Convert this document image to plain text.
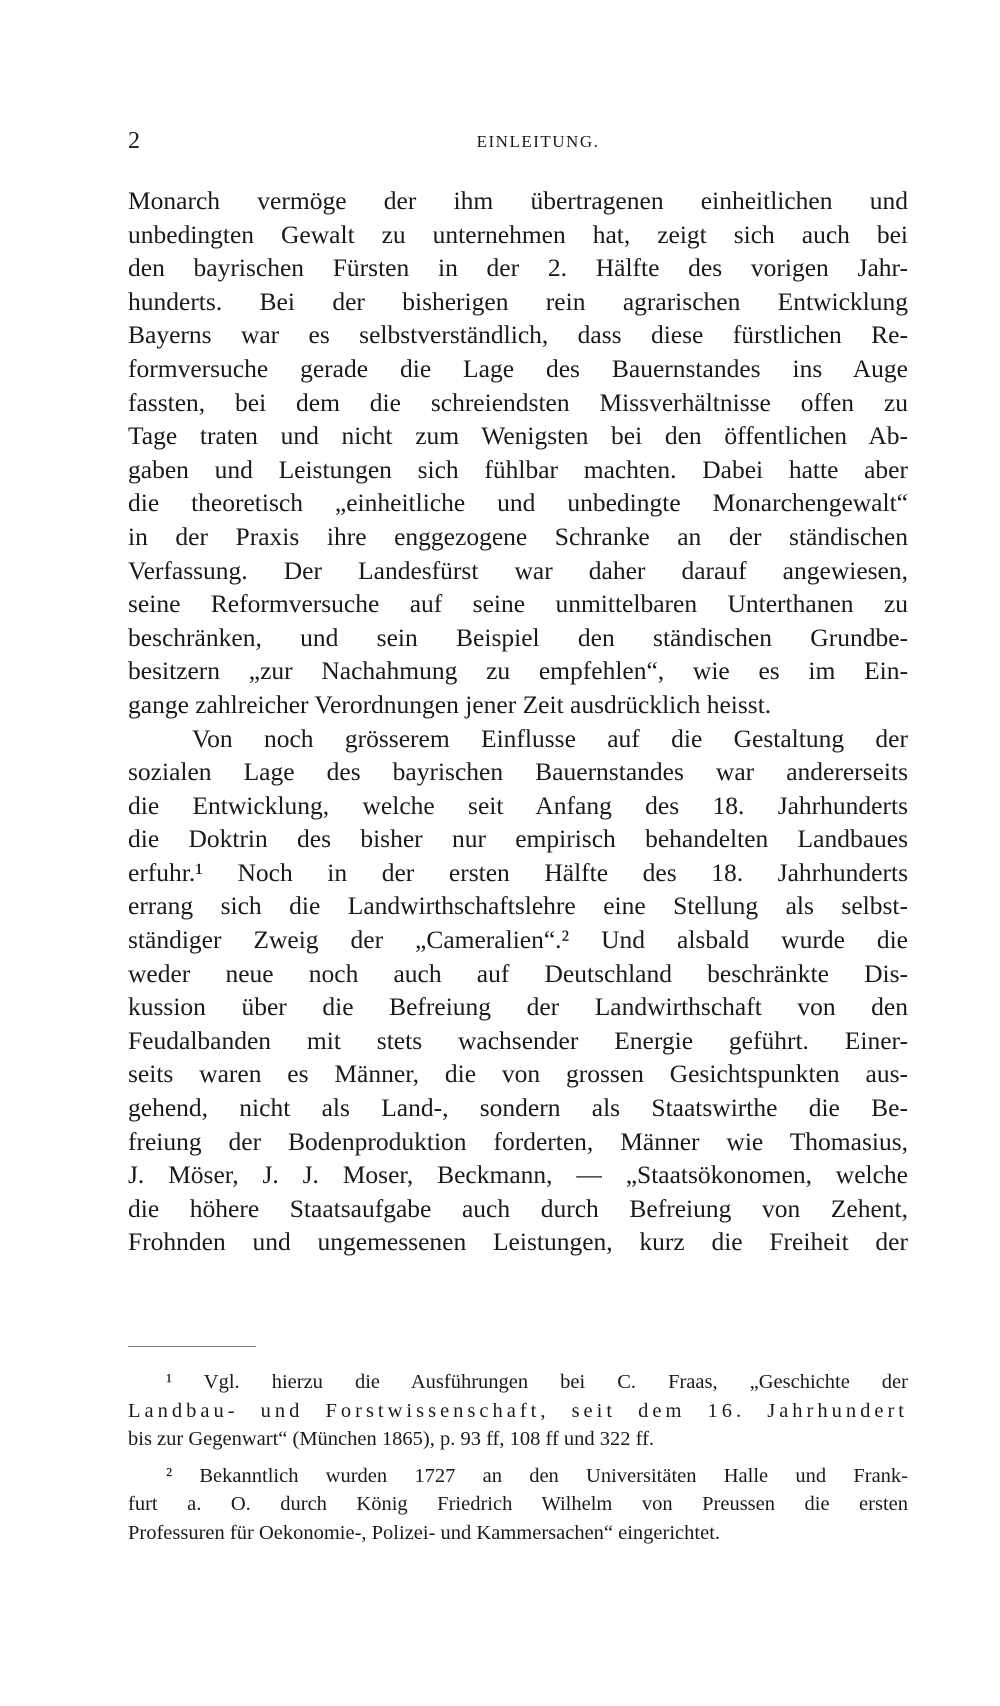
2	EINLEITUNG.
Monarch vermöge der ihm übertragenen einheitlichen und
unbedingten Gewalt zu unternehmen hat, zeigt sich auch bei
den bayrischen Fürsten in der 2. Hälfte des vorigen Jahr-
hunderts. Bei der bisherigen rein agrarischen Entwicklung
Bayerns war es selbstverständlich, dass diese fürstlichen Re-
formversuche gerade die Lage des Bauernstandes ins Auge
fassten, bei dem die schreiendsten Missverhältnisse offen zu
Tage traten und nicht zum Wenigsten bei den öffentlichen Ab-
gaben und Leistungen sich fühlbar machten. Dabei hatte aber
die theoretisch „einheitliche und unbedingte Monarchengewalt“
in der Praxis ihre enggezogene Schranke an der ständischen
Verfassung. Der Landesfürst war daher darauf angewiesen,
seine Reformversuche auf seine unmittelbaren Unterthanen zu
beschränken, und sein Beispiel den ständischen Grundbe-
besitzern „zur Nachahmung zu empfehlen“, wie es im Ein-
gange zahlreicher Verordnungen jener Zeit ausdrücklich heisst.
Von noch grösserem Einflusse auf die Gestaltung der
sozialen Lage des bayrischen Bauernstandes war andererseits
die Entwicklung, welche seit Anfang des 18. Jahrhunderts
die Doktrin des bisher nur empirisch behandelten Landbaues
erfuhr.¹ Noch in der ersten Hälfte des 18. Jahrhunderts
errang sich die Landwirthschaftslehre eine Stellung als selbst-
ständiger Zweig der „Cameralien“.² Und alsbald wurde die
weder neue noch auch auf Deutschland beschränkte Dis-
kussion über die Befreiung der Landwirthschaft von den
Feudalbanden mit stets wachsender Energie geführt. Einer-
seits waren es Männer, die von grossen Gesichtspunkten aus-
gehend, nicht als Land-, sondern als Staatswirthe die Be-
freiung der Bodenproduktion forderten, Männer wie Thomasius,
J. Möser, J. J. Moser, Beckmann, — „Staatsökonomen, welche
die höhere Staatsaufgabe auch durch Befreiung von Zehent,
Frohnden und ungemessenen Leistungen, kurz die Freiheit der
¹ Vgl. hierzu die Ausführungen bei C. Fraas, „Geschichte der
Landbau- und Forstwissenschaft, seit dem 16. Jahrhundert
bis zur Gegenwart“ (München 1865), p. 93 ff, 108 ff und 322 ff.
² Bekanntlich wurden 1727 an den Universitäten Halle und Frank-
furt a. O. durch König Friedrich Wilhelm von Preussen die ersten
Professuren für Oekonomie-, Polizei- und Kammersachen“ eingerichtet.
